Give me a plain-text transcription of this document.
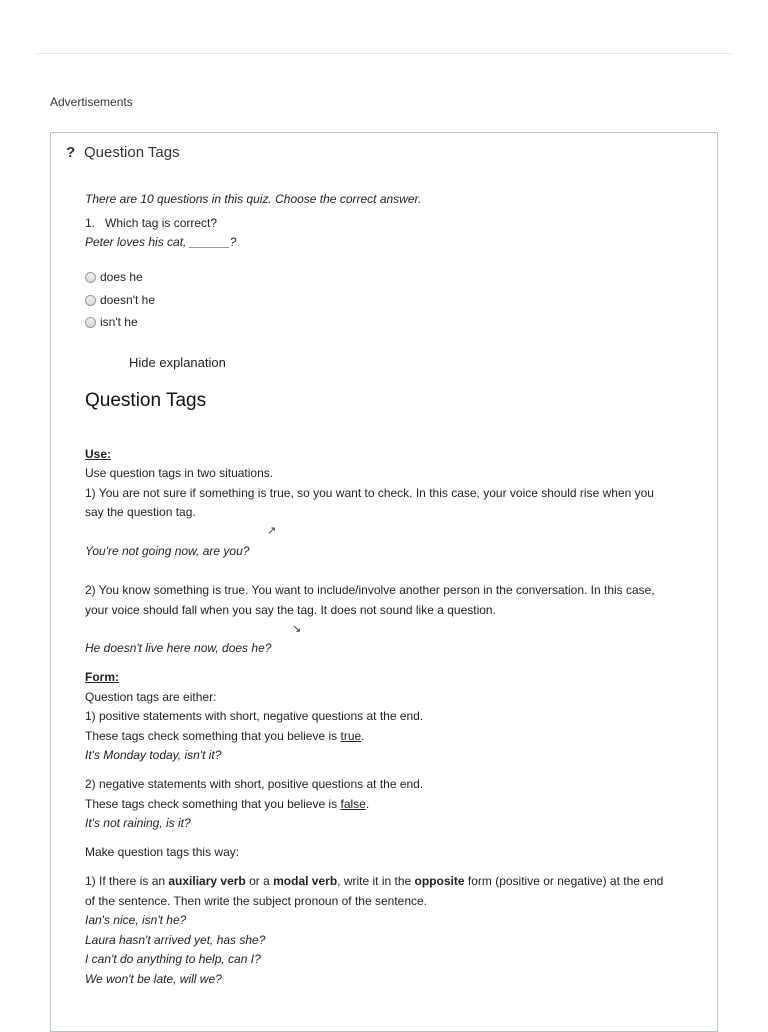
Advertisements
? Question Tags
There are 10 questions in this quiz. Choose the correct answer.
1. Which tag is correct?
Peter loves his cat, ______?
does he
doesn't he
isn't he
Hide explanation
Question Tags
Use:
Use question tags in two situations.
1) You are not sure if something is true, so you want to check. In this case, your voice should rise when you
say the question tag.
↗
You're not going now, are you?
2) You know something is true. You want to include/involve another person in the conversation. In this case,
your voice should fall when you say the tag. It does not sound like a question.
↘
He doesn't live here now, does he?
Form:
Question tags are either:
1) positive statements with short, negative questions at the end.
These tags check something that you believe is true.
It's Monday today, isn't it?
2) negative statements with short, positive questions at the end.
These tags check something that you believe is false.
It's not raining, is it?
Make question tags this way:
1) If there is an auxiliary verb or a modal verb, write it in the opposite form (positive or negative) at the end
of the sentence. Then write the subject pronoun of the sentence.
Ian's nice, isn't he?
Laura hasn't arrived yet, has she?
I can't do anything to help, can I?
We won't be late, will we?
